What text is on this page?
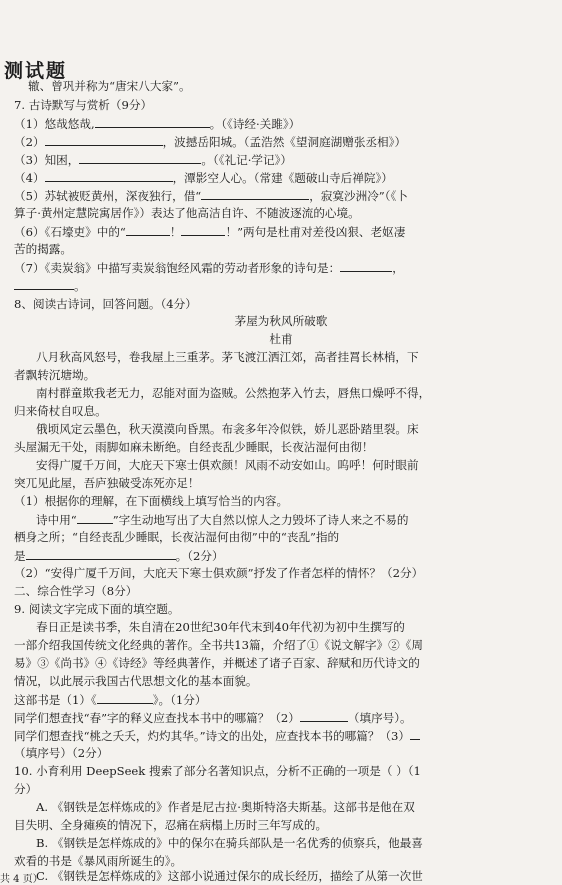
测试题
辙、曾巩并称为“唐宋八大家”。
7. 古诗默写与赏析（9分）
（1）悠哉悠哉,	。（《诗经·关雎》）
（2）	，波撼岳阳城。（孟浩然《望洞庭湖赠张丞相》）
（3）知困，	。（《礼记·学记》）
（4）	，潭影空人心。（常建《题破山寺后禅院》）
（5）苏轼被贬黄州，深夜独行，借“	，寂寞沙洲冷”（《卜
算子·黄州定慧院寓居作》）表达了他高洁自许、不随波逐流的心境。
（6）《石壕吏》中的“	！	！”两句是杜甫对差役凶狠、老妪凄
苦的揭露。
（7）《卖炭翁》中描写卖炭翁饱经风霜的劳动者形象的诗句是：	，
。
8、阅读古诗词，回答问题。（4分）
茅屋为秋风所破歌
杜甫
八月秋高风怒号，卷我屋上三重茅。茅飞渡江洒江郊，高者挂罥长林梢，下
者飘转沉塘坳。
南村群童欺我老无力，忍能对面为盗贼。公然抱茅入竹去，唇焦口燥呼不得，
归来倚杖自叹息。
俄顷风定云墨色，秋天漠漠向昏黑。布衾多年冷似铁，娇儿恶卧踏里裂。床
头屋漏无干处，雨脚如麻未断绝。自经丧乱少睡眠，长夜沾湿何由彻！
安得广厦千万间，大庇天下寒士俱欢颜！风雨不动安如山。呜呼！何时眼前
突兀见此屋，吾庐独破受冻死亦足！
（1）根据你的理解，在下面横线上填写恰当的内容。
诗中用“	”字生动地写出了大自然以惊人之力毁坏了诗人来之不易的
栖身之所；“自经丧乱少睡眠，长夜沾湿何由彻”中的“丧乱”指的
是	。（2分）
（2）“安得广厦千万间，大庇天下寒士俱欢颜”抒发了作者怎样的情怀？（2分）
二、综合性学习（8分）
9. 阅读文字完成下面的填空题。
春日正是读书季，朱自清在20世纪30年代末到40年代初为初中生撰写的
一部介绍我国传统文化经典的著作。全书共13篇，介绍了①《说文解字》②《周
易》③《尚书》④《诗经》等经典著作，并概述了诸子百家、辞赋和历代诗文的
情况，以此展示我国古代思想文化的基本面貌。
这部书是（1）《	》。（1分）
同学们想查找“春”字的释义应查找本书中的哪篇？（2）	（填序号）。
同学们想查找“桃之夭夭，灼灼其华。”诗文的出处，应查找本书的哪篇？（3）
（填序号）（2分）
10. 小育利用 DeepSeek 搜索了部分名著知识点，分析不正确的一项是（ ）（1
分）
A. 《钢铁是怎样炼成的》作者是尼古拉·奥斯特洛夫斯基。这部书是他在双
目失明、全身瘫痪的情况下，忍痛在病榻上历时三年写成的。
B. 《钢铁是怎样炼成的》中的保尔在骑兵部队是一名优秀的侦察兵，他最喜
欢看的书是《暴风雨所诞生的》。
C. 《钢铁是怎样炼成的》这部小说通过保尔的成长经历，描绘了从第一次世
共 4 页）
